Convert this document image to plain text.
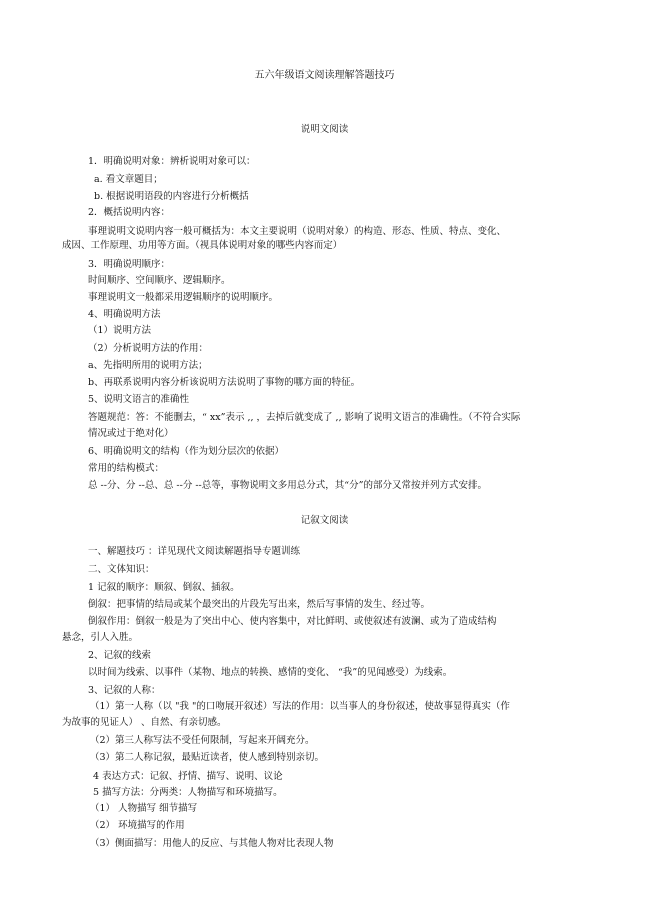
五六年级语文阅读理解答题技巧
说明文阅读
1．明确说明对象：辨析说明对象可以：
a. 看文章题目；
b. 根据说明语段的内容进行分析概括
2．概括说明内容：
事理说明文说明内容一般可概括为：本文主要说明（说明对象）的构造、形态、性质、特点、变化、
成因、工作原理、功用等方面。（视具体说明对象的哪些内容而定）
3．明确说明顺序：
时间顺序、空间顺序、逻辑顺序。
事理说明文一般都采用逻辑顺序的说明顺序。
4、明确说明方法
（1）说明方法
（2）分析说明方法的作用：
a、先指明所用的说明方法；
b、再联系说明内容分析该说明方法说明了事物的哪方面的特征。
5、说明文语言的准确性
答题规范：答：不能删去，“ xx”表示 ,, ，去掉后就变成了 ,, 影响了说明文语言的准确性。（不符合实际
情况或过于绝对化）
6、明确说明文的结构（作为划分层次的依据）
常用的结构模式：
总 --分、分 --总、总 --分 --总等，事物说明文多用总分式，其“分”的部分又常按并列方式安排。
记叙文阅读
一、解题技巧 ：详见现代文阅读解题指导专题训练
二、文体知识：
1 记叙的顺序：顺叙、倒叙、插叙。
倒叙：把事情的结局或某个最突出的片段先写出来，然后写事情的发生、经过等。
倒叙作用：倒叙一般是为了突出中心、使内容集中，对比鲜明、或使叙述有波澜、或为了造成结构
悬念，引人入胜。
2、记叙的线索
以时间为线索、以事件（某物、地点的转换、感情的变化、 “我”的见闻感受）为线索。
3、记叙的人称：
（1）第一人称（以 "我 "的口吻展开叙述）写法的作用：以当事人的身份叙述，使故事显得真实（作
为故事的见证人） 、自然、有亲切感。
（2）第三人称写法不受任何限制，写起来开阔充分。
（3）第二人称记叙，最贴近读者，使人感到特别亲切。
4 表达方式：记叙、抒情、描写、说明、议论
5 描写方法：分两类：人物描写和环境描写。
（1） 人物描写 细节描写
（2） 环境描写的作用
（3）侧面描写：用他人的反应、与其他人物对比表现人物
